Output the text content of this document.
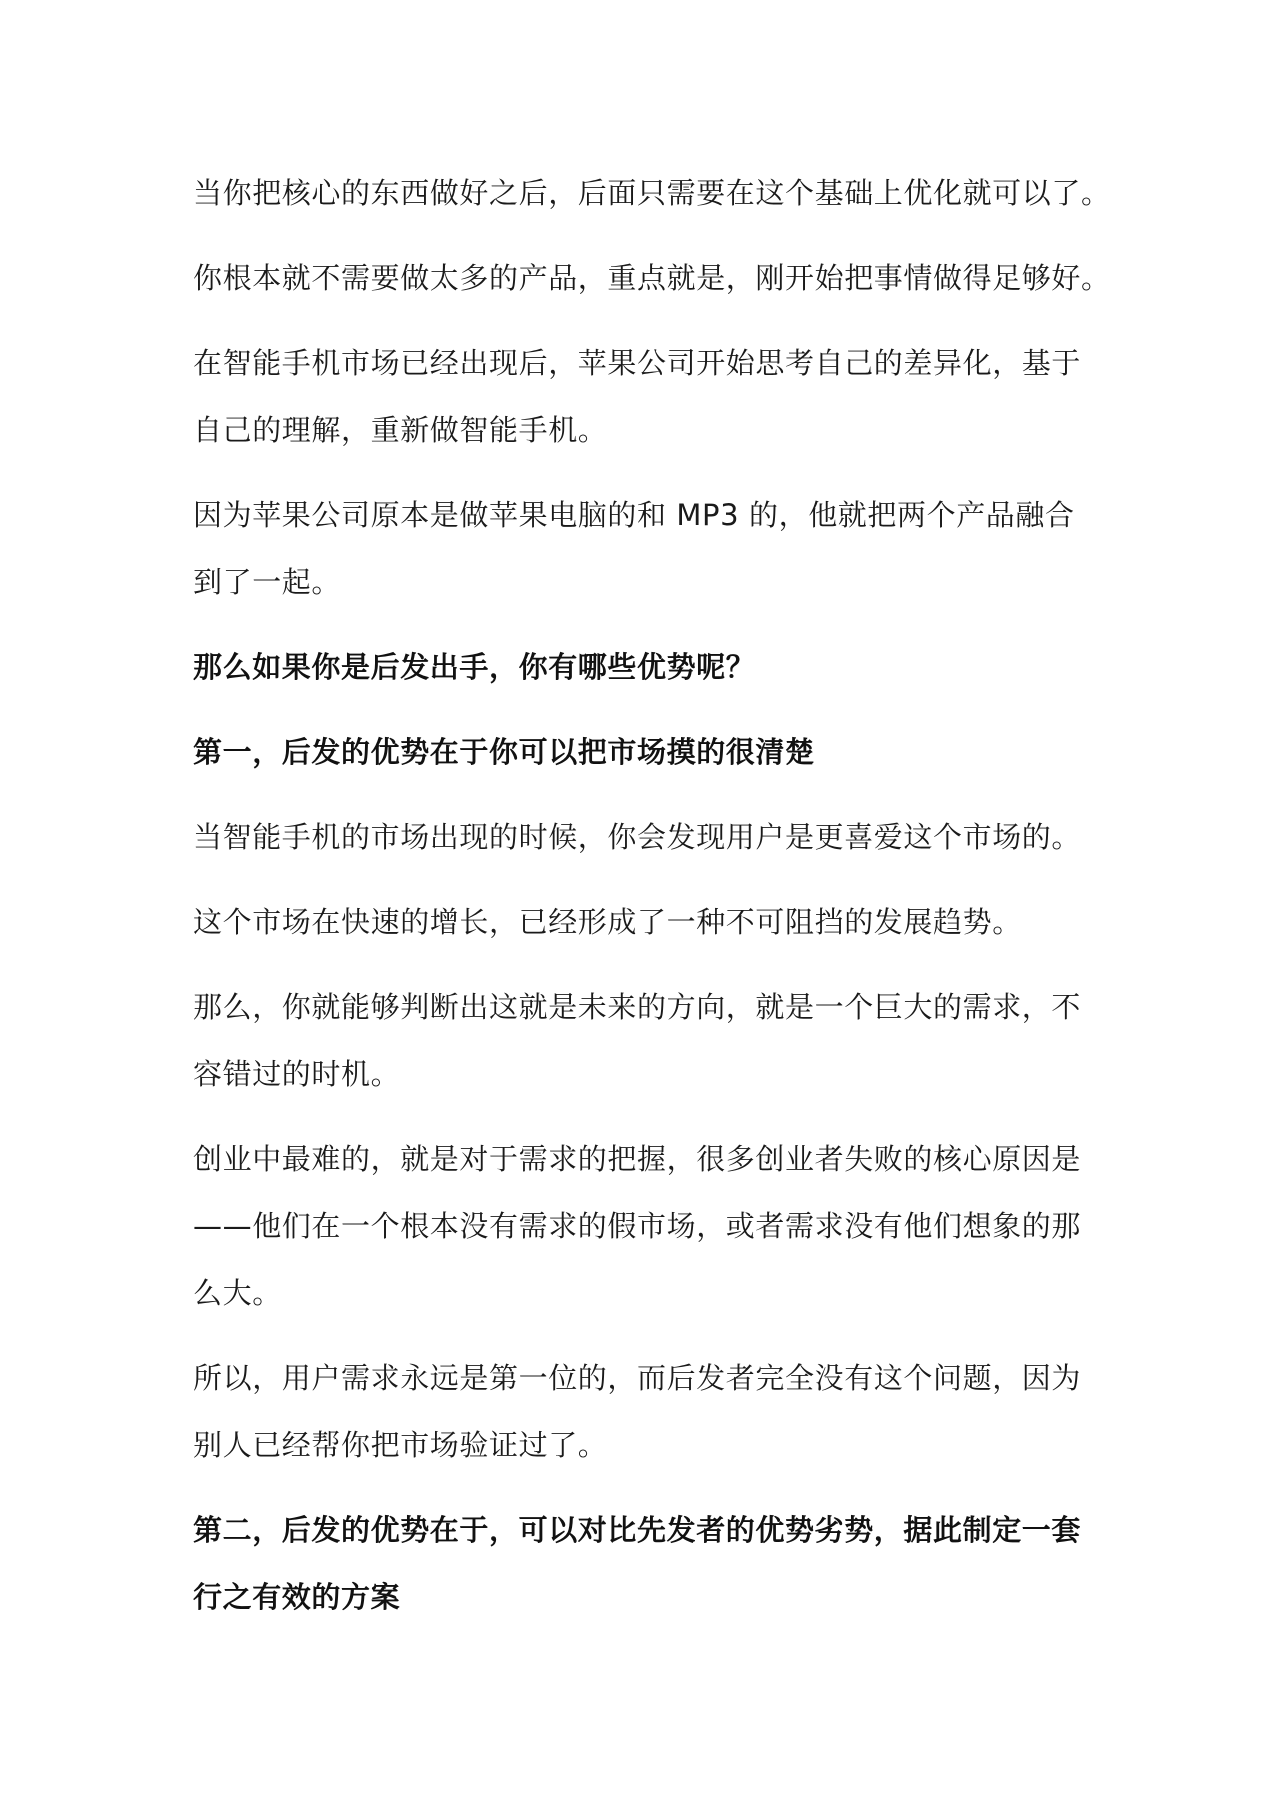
当你把核心的东西做好之后，后面只需要在这个基础上优化就可以了。

你根本就不需要做太多的产品，重点就是，刚开始把事情做得足够好。

在智能手机市场已经出现后，苹果公司开始思考自己的差异化，基于
自己的理解，重新做智能手机。

因为苹果公司原本是做苹果电脑的和 MP3 的，他就把两个产品融合
到了一起。

那么如果你是后发出手，你有哪些优势呢？

第一，后发的优势在于你可以把市场摸的很清楚

当智能手机的市场出现的时候，你会发现用户是更喜爱这个市场的。

这个市场在快速的增长，已经形成了一种不可阻挡的发展趋势。

那么，你就能够判断出这就是未来的方向，就是一个巨大的需求，不
容错过的时机。

创业中最难的，就是对于需求的把握，很多创业者失败的核心原因是
——他们在一个根本没有需求的假市场，或者需求没有他们想象的那
么大。

所以，用户需求永远是第一位的，而后发者完全没有这个问题，因为
别人已经帮你把市场验证过了。

第二，后发的优势在于，可以对比先发者的优势劣势，据此制定一套
行之有效的方案
